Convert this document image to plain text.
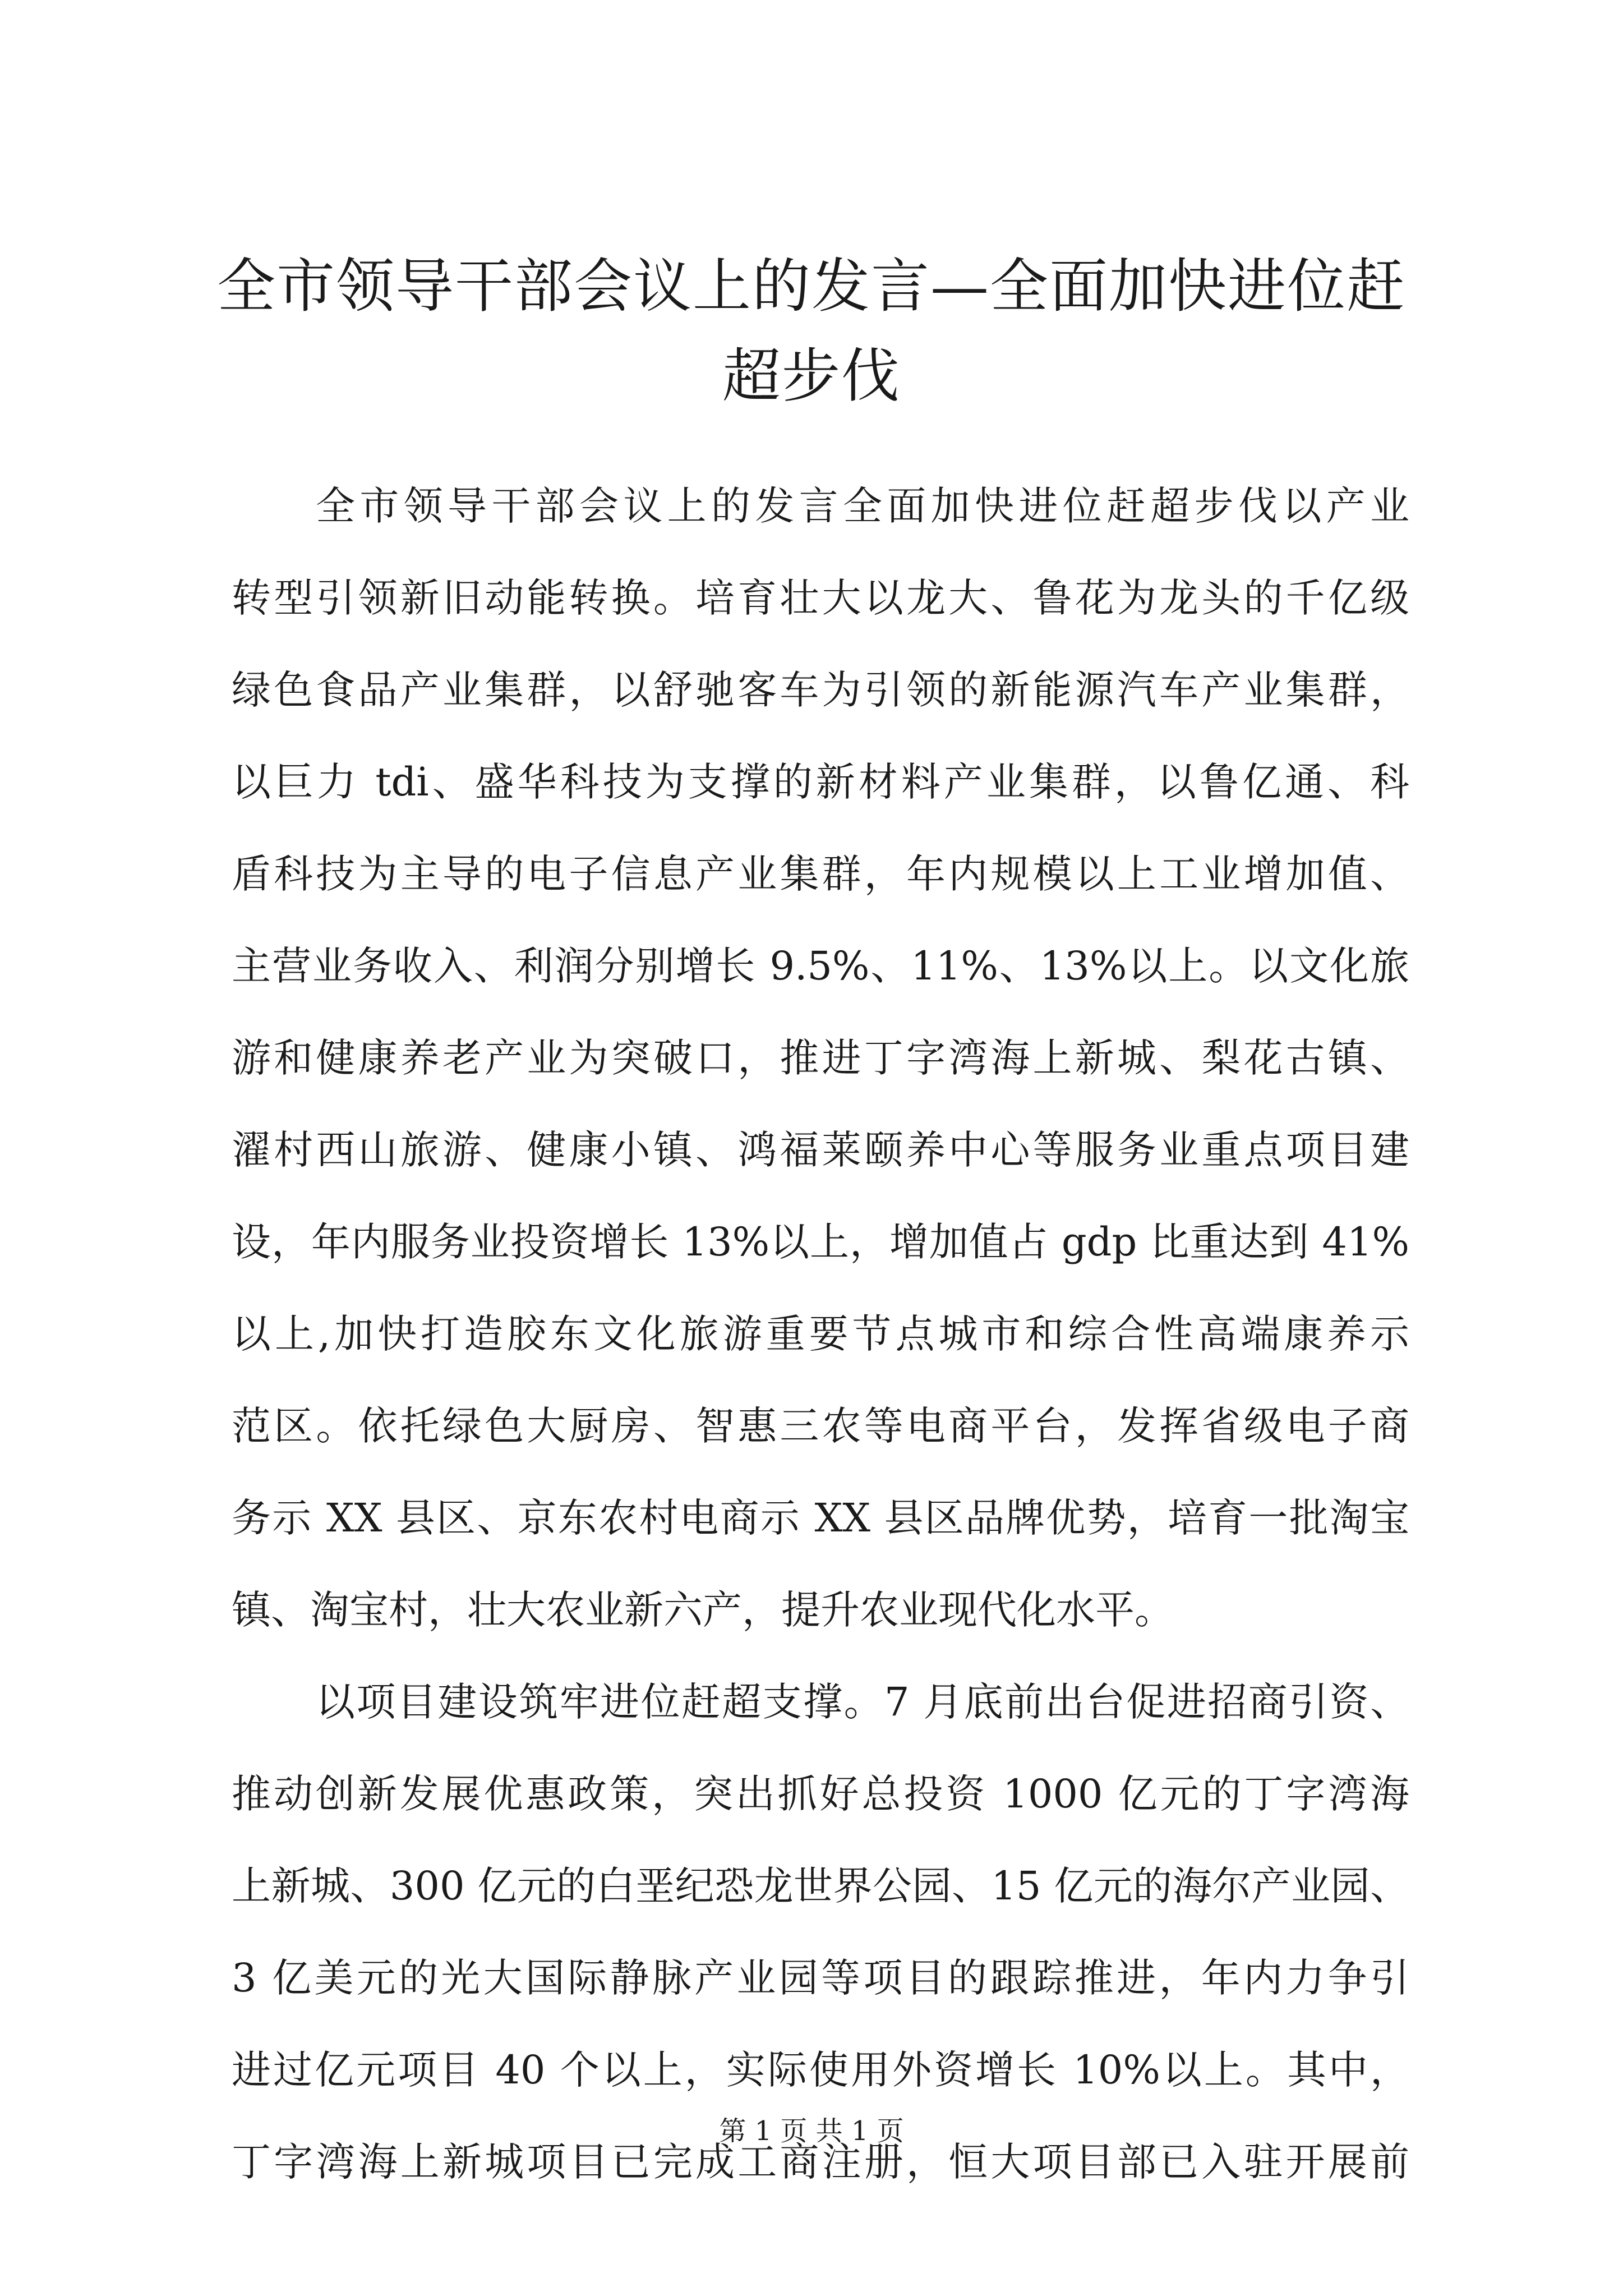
全市领导干部会议上的发言—全面加快进位赶
超步伐
全市领导干部会议上的发言全面加快进位赶超步伐以产业
转型引领新旧动能转换。培育壮大以龙大、鲁花为龙头的千亿级
绿色食品产业集群，以舒驰客车为引领的新能源汽车产业集群，
以巨力 tdi、盛华科技为支撑的新材料产业集群，以鲁亿通、科
盾科技为主导的电子信息产业集群，年内规模以上工业增加值、
主营业务收入、利润分别增长 9.5%、11%、13%以上。以文化旅
游和健康养老产业为突破口，推进丁字湾海上新城、梨花古镇、
濯村西山旅游、健康小镇、鸿福莱颐养中心等服务业重点项目建
设，年内服务业投资增长 13%以上，增加值占 gdp 比重达到 41%
以上,加快打造胶东文化旅游重要节点城市和综合性高端康养示
范区。依托绿色大厨房、智惠三农等电商平台，发挥省级电子商
务示 XX 县区、京东农村电商示 XX 县区品牌优势，培育一批淘宝
镇、淘宝村，壮大农业新六产，提升农业现代化水平。
以项目建设筑牢进位赶超支撑。7 月底前出台促进招商引资、
推动创新发展优惠政策，突出抓好总投资 1000 亿元的丁字湾海
上新城、300 亿元的白垩纪恐龙世界公园、15 亿元的海尔产业园、
3 亿美元的光大国际静脉产业园等项目的跟踪推进，年内力争引
进过亿元项目 40 个以上，实际使用外资增长 10%以上。其中，
丁字湾海上新城项目已完成工商注册，恒大项目部已入驻开展前
第 1 页 共 1 页
